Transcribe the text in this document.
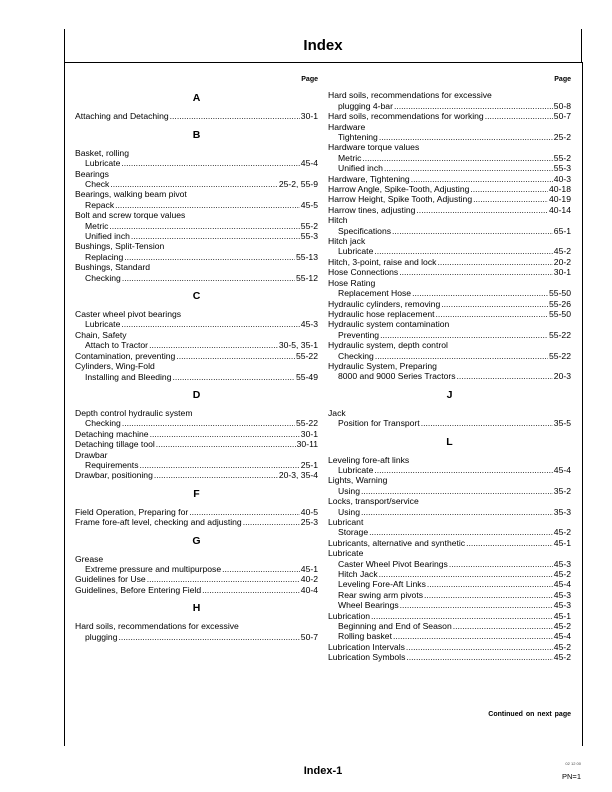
Index
Page
A
Attaching and Detaching .....	30-1
B
Basket, rolling
Lubricate .....	45-4
Bearings
Check .....	25-2, 55-9
Bearings, walking beam pivot
Repack .....	45-5
Bolt and screw torque values
Metric .....	55-2
Unified inch .....	55-3
Bushings, Split-Tension
Replacing .....	55-13
Bushings, Standard
Checking .....	55-12
C
Caster wheel pivot bearings
Lubricate .....	45-3
Chain, Safety
Attach to Tractor .....	30-5, 35-1
Contamination, preventing .....	55-22
Cylinders, Wing-Fold
Installing and Bleeding .....	55-49
D
Depth control hydraulic system
Checking .....	55-22
Detaching machine .....	30-1
Detaching tillage tool .....	30-11
Drawbar
Requirements .....	25-1
Drawbar, positioning .....	20-3, 35-4
F
Field Operation, Preparing for .....	40-5
Frame fore-aft level, checking and adjusting .....	25-3
G
Grease
Extreme pressure and multipurpose .....	45-1
Guidelines for Use .....	40-2
Guidelines, Before Entering Field .....	40-4
H
Hard soils, recommendations for excessive
plugging .....	50-7
Page
Hard soils, recommendations for excessive
plugging 4-bar .....	50-8
Hard soils, recommendations for working .....	50-7
Hardware
Tightening .....	25-2
Hardware torque values
Metric .....	55-2
Unified inch .....	55-3
Hardware, Tightening .....	40-3
Harrow Angle, Spike-Tooth, Adjusting .....	40-18
Harrow Height, Spike Tooth, Adjusting .....	40-19
Harrow tines, adjusting .....	40-14
Hitch
Specifications .....	65-1
Hitch jack
Lubricate .....	45-2
Hitch, 3-point, raise and lock .....	20-2
Hose Connections .....	30-1
Hose Rating
Replacement Hose .....	55-50
Hydraulic cylinders, removing .....	55-26
Hydraulic hose replacement .....	55-50
Hydraulic system contamination
Preventing .....	55-22
Hydraulic system, depth control
Checking .....	55-22
Hydraulic System, Preparing
8000 and 9000 Series Tractors .....	20-3
J
Jack
Position for Transport .....	35-5
L
Leveling fore-aft links
Lubricate .....	45-4
Lights, Warning
Using .....	35-2
Locks, transport/service
Using .....	35-3
Lubricant
Storage .....	45-2
Lubricants, alternative and synthetic .....	45-1
Lubricate
Caster Wheel Pivot Bearings .....	45-3
Hitch Jack .....	45-2
Leveling Fore-Aft Links .....	45-4
Rear swing arm pivots .....	45-3
Wheel Bearings .....	45-3
Lubrication .....	45-1
Beginning and End of Season .....	45-2
Rolling basket .....	45-4
Lubrication Intervals .....	45-2
Lubrication Symbols .....	45-2
Continued on next page
Index-1
02 12 00
PN=1
